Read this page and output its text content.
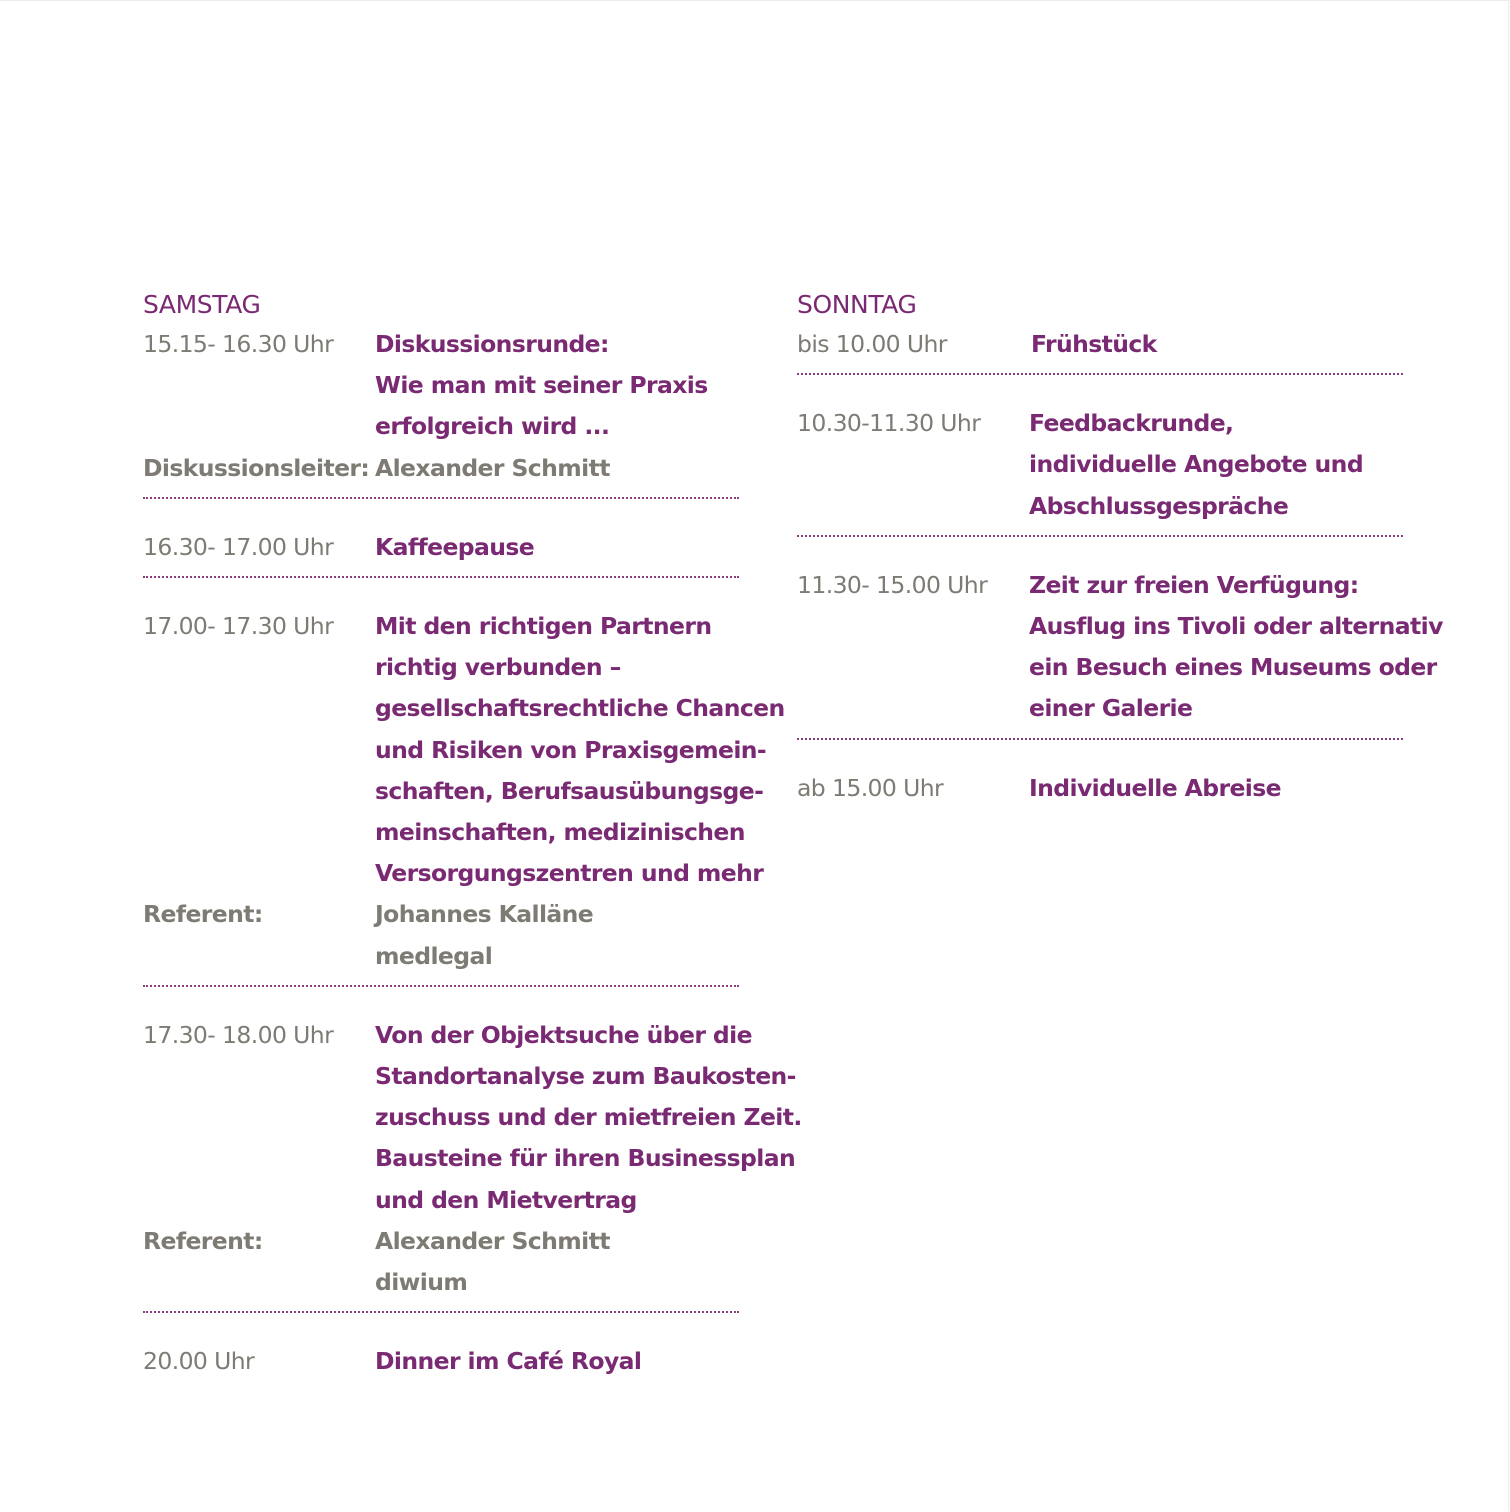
SAMSTAG
15.15- 16.30 Uhr	Diskussionsrunde:
Wie man mit seiner Praxis
erfolgreich wird ...
Diskussionsleiter: Alexander Schmitt
16.30- 17.00 Uhr	Kaffeepause
17.00- 17.30 Uhr	Mit den richtigen Partnern
richtig verbunden –
gesellschaftsrechtliche Chancen
und Risiken von Praxisgemein-
schaften, Berufsausübungsge-
meinschaften, medizinischen
Versorgungszentren und mehr
Referent:	Johannes Kalläne
medlegal
17.30- 18.00 Uhr	Von der Objektsuche über die
Standortanalyse zum Baukosten-
zuschuss und der mietfreien Zeit.
Bausteine für ihren Businessplan
und den Mietvertrag
Referent:	Alexander Schmitt
diwium
20.00 Uhr	Dinner im Café Royal
SONNTAG
bis 10.00 Uhr	Frühstück
10.30-11.30 Uhr	Feedbackrunde,
individuelle Angebote und
Abschlussgespräche
11.30- 15.00 Uhr	Zeit zur freien Verfügung:
Ausflug ins Tivoli oder alternativ
ein Besuch eines Museums oder
einer Galerie
ab 15.00 Uhr	Individuelle Abreise
